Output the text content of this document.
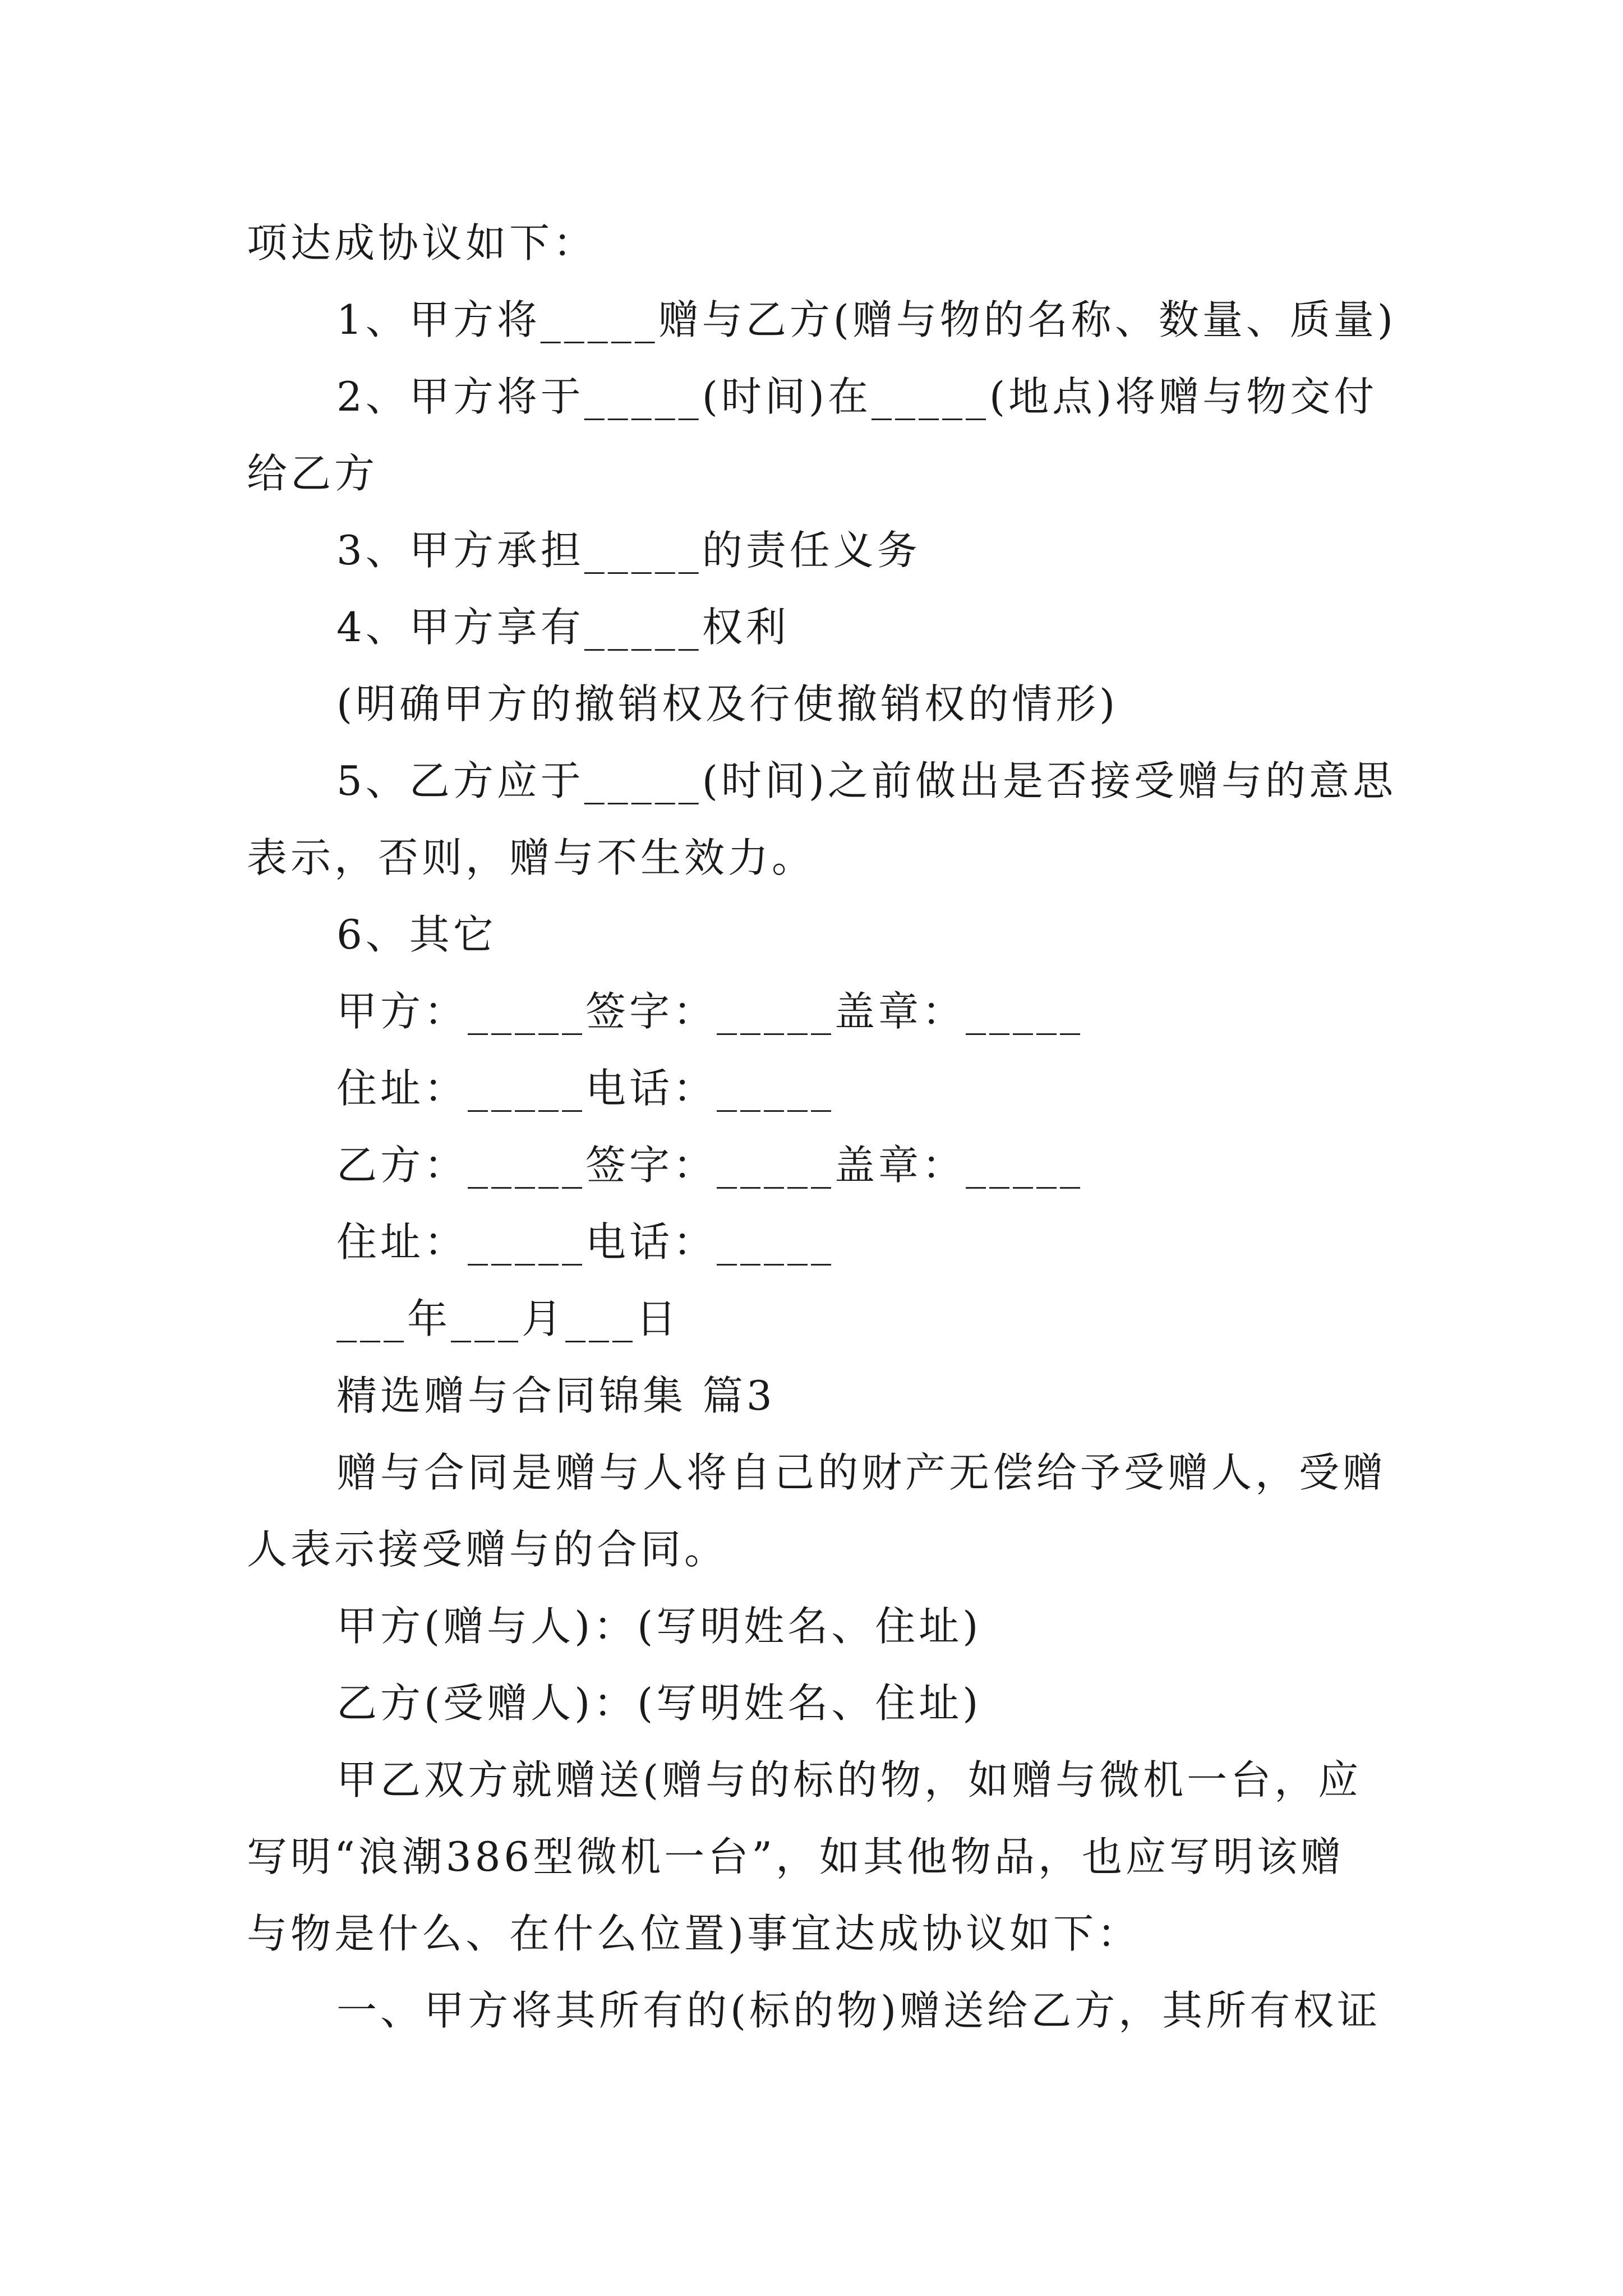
项达成协议如下：
1、甲方将_____赠与乙方(赠与物的名称、数量、质量)
2、甲方将于_____(时间)在_____(地点)将赠与物交付
给乙方
3、甲方承担_____的责任义务
4、甲方享有_____权利
(明确甲方的撤销权及行使撤销权的情形)
5、乙方应于_____(时间)之前做出是否接受赠与的意思
表示，否则，赠与不生效力。
6、其它
甲方：_____签字：_____盖章：_____
住址：_____电话：_____
乙方：_____签字：_____盖章：_____
住址：_____电话：_____
___年___月___日
精选赠与合同锦集 篇3
赠与合同是赠与人将自己的财产无偿给予受赠人，受赠
人表示接受赠与的合同。
甲方(赠与人)：(写明姓名、住址)
乙方(受赠人)：(写明姓名、住址)
甲乙双方就赠送(赠与的标的物，如赠与微机一台，应
写明“浪潮386型微机一台”，如其他物品，也应写明该赠
与物是什么、在什么位置)事宜达成协议如下：
一、甲方将其所有的(标的物)赠送给乙方，其所有权证
